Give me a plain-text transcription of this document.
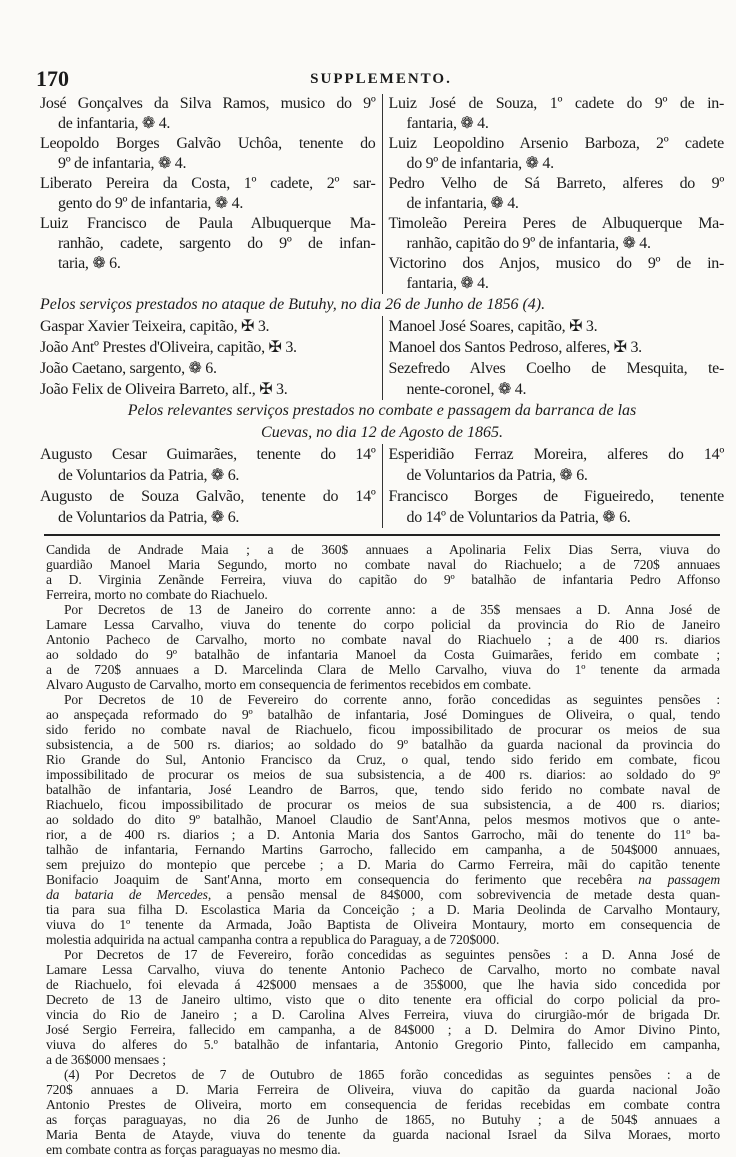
170	SUPPLEMENTO.
José Gonçalves da Silva Ramos, musico do 9º
de infantaria, ❁ 4.
Leopoldo Borges Galvão Uchôa, tenente do
9º de infantaria, ❁ 4.
Liberato Pereira da Costa, 1º cadete, 2º sar-
gento do 9º de infantaria, ❁ 4.
Luiz Francisco de Paula Albuquerque Ma-
ranhão, cadete, sargento do 9º de infan-
taria, ❁ 6.
Luiz José de Souza, 1º cadete do 9º de in-
fantaria, ❁ 4.
Luiz Leopoldino Arsenio Barboza, 2º cadete
do 9º de infantaria, ❁ 4.
Pedro Velho de Sá Barreto, alferes do 9º
de infantaria, ❁ 4.
Timoleão Pereira Peres de Albuquerque Ma-
ranhão, capitão do 9º de infantaria, ❁ 4.
Victorino dos Anjos, musico do 9º de in-
fantaria, ❁ 4.
Pelos serviços prestados no ataque de Butuhy, no dia 26 de Junho de 1856 (4).
Gaspar Xavier Teixeira, capitão, ✠ 3.
João Antº Prestes d'Oliveira, capitão, ✠ 3.
João Caetano, sargento, ❁ 6.
João Felix de Oliveira Barreto, alf., ✠ 3.
Manoel José Soares, capitão, ✠ 3.
Manoel dos Santos Pedroso, alferes, ✠ 3.
Sezefredo Alves Coelho de Mesquita, te-
nente-coronel, ❁ 4.
Pelos relevantes serviços prestados no combate e passagem da barranca de las
Cuevas, no dia 12 de Agosto de 1865.
Augusto Cesar Guimarães, tenente do 14º
de Voluntarios da Patria, ❁ 6.
Augusto de Souza Galvão, tenente do 14º
de Voluntarios da Patria, ❁ 6.
Esperidião Ferraz Moreira, alferes do 14º
de Voluntarios da Patria, ❁ 6.
Francisco Borges de Figueiredo, tenente
do 14º de Voluntarios da Patria, ❁ 6.
Candida de Andrade Maia ; a de 360$ annuaes a Apolinaria Felix Dias Serra, viuva do
guardião Manoel Maria Segundo, morto no combate naval do Riachuelo; a de 720$ annuaes
a D. Virginia Zenãnde Ferreira, viuva do capitão do 9º batalhão de infantaria Pedro Affonso
Ferreira, morto no combate do Riachuelo.
Por Decretos de 13 de Janeiro do corrente anno: a de 35$ mensaes a D. Anna José de
Lamare Lessa Carvalho, viuva do tenente do corpo policial da provincia do Rio de Janeiro
Antonio Pacheco de Carvalho, morto no combate naval do Riachuelo ; a de 400 rs. diarios
ao soldado do 9º batalhão de infantaria Manoel da Costa Guimarães, ferido em combate ;
a de 720$ annuaes a D. Marcelinda Clara de Mello Carvalho, viuva do 1º tenente da armada
Alvaro Augusto de Carvalho, morto em consequencia de ferimentos recebidos em combate.
Por Decretos de 10 de Fevereiro do corrente anno, forão concedidas as seguintes pensões :
ao anspeçada reformado do 9º batalhão de infantaria, José Domingues de Oliveira, o qual, tendo
sido ferido no combate naval de Riachuelo, ficou impossibilitado de procurar os meios de sua
subsistencia, a de 500 rs. diarios; ao soldado do 9º batalhão da guarda nacional da provincia do
Rio Grande do Sul, Antonio Francisco da Cruz, o qual, tendo sido ferido em combate, ficou
impossibilitado de procurar os meios de sua subsistencia, a de 400 rs. diarios: ao soldado do 9º
batalhão de infantaria, José Leandro de Barros, que, tendo sido ferido no combate naval de
Riachuelo, ficou impossibilitado de procurar os meios de sua subsistencia, a de 400 rs. diarios;
ao soldado do dito 9º batalhão, Manoel Claudio de Sant'Anna, pelos mesmos motivos que o ante-
rior, a de 400 rs. diarios ; a D. Antonia Maria dos Santos Garrocho, mãi do tenente do 11º ba-
talhão de infantaria, Fernando Martins Garrocho, fallecido em campanha, a de 504$000 annuaes,
sem prejuizo do montepio que percebe ; a D. Maria do Carmo Ferreira, mãi do capitão tenente
Bonifacio Joaquim de Sant'Anna, morto em consequencia do ferimento que recebêra na passagem
da bataria de Mercedes, a pensão mensal de 84$000, com sobrevivencia de metade desta quan-
tia para sua filha D. Escolastica Maria da Conceição ; a D. Maria Deolinda de Carvalho Montaury,
viuva do 1º tenente da Armada, João Baptista de Oliveira Montaury, morto em consequencia de
molestia adquirida na actual campanha contra a republica do Paraguay, a de 720$000.
Por Decretos de 17 de Fevereiro, forão concedidas as seguintes pensões : a D. Anna José de
Lamare Lessa Carvalho, viuva do tenente Antonio Pacheco de Carvalho, morto no combate naval
de Riachuelo, foi elevada á 42$000 mensaes a de 35$000, que lhe havia sido concedida por
Decreto de 13 de Janeiro ultimo, visto que o dito tenente era official do corpo policial da pro-
vincia do Rio de Janeiro ; a D. Carolina Alves Ferreira, viuva do cirurgião-mór de brigada Dr.
José Sergio Ferreira, fallecido em campanha, a de 84$000 ; a D. Delmira do Amor Divino Pinto,
viuva do alferes do 5.º batalhão de infantaria, Antonio Gregorio Pinto, fallecido em campanha,
a de 36$000 mensaes ;
(4) Por Decretos de 7 de Outubro de 1865 forão concedidas as seguintes pensões : a de
720$ annuaes a D. Maria Ferreira de Oliveira, viuva do capitão da guarda nacional João
Antonio Prestes de Oliveira, morto em consequencia de feridas recebidas em combate contra
as forças paraguayas, no dia 26 de Junho de 1865, no Butuhy ; a de 504$ annuaes a
Maria Benta de Atayde, viuva do tenente da guarda nacional Israel da Silva Moraes, morto
em combate contra as forças paraguayas no mesmo dia.
